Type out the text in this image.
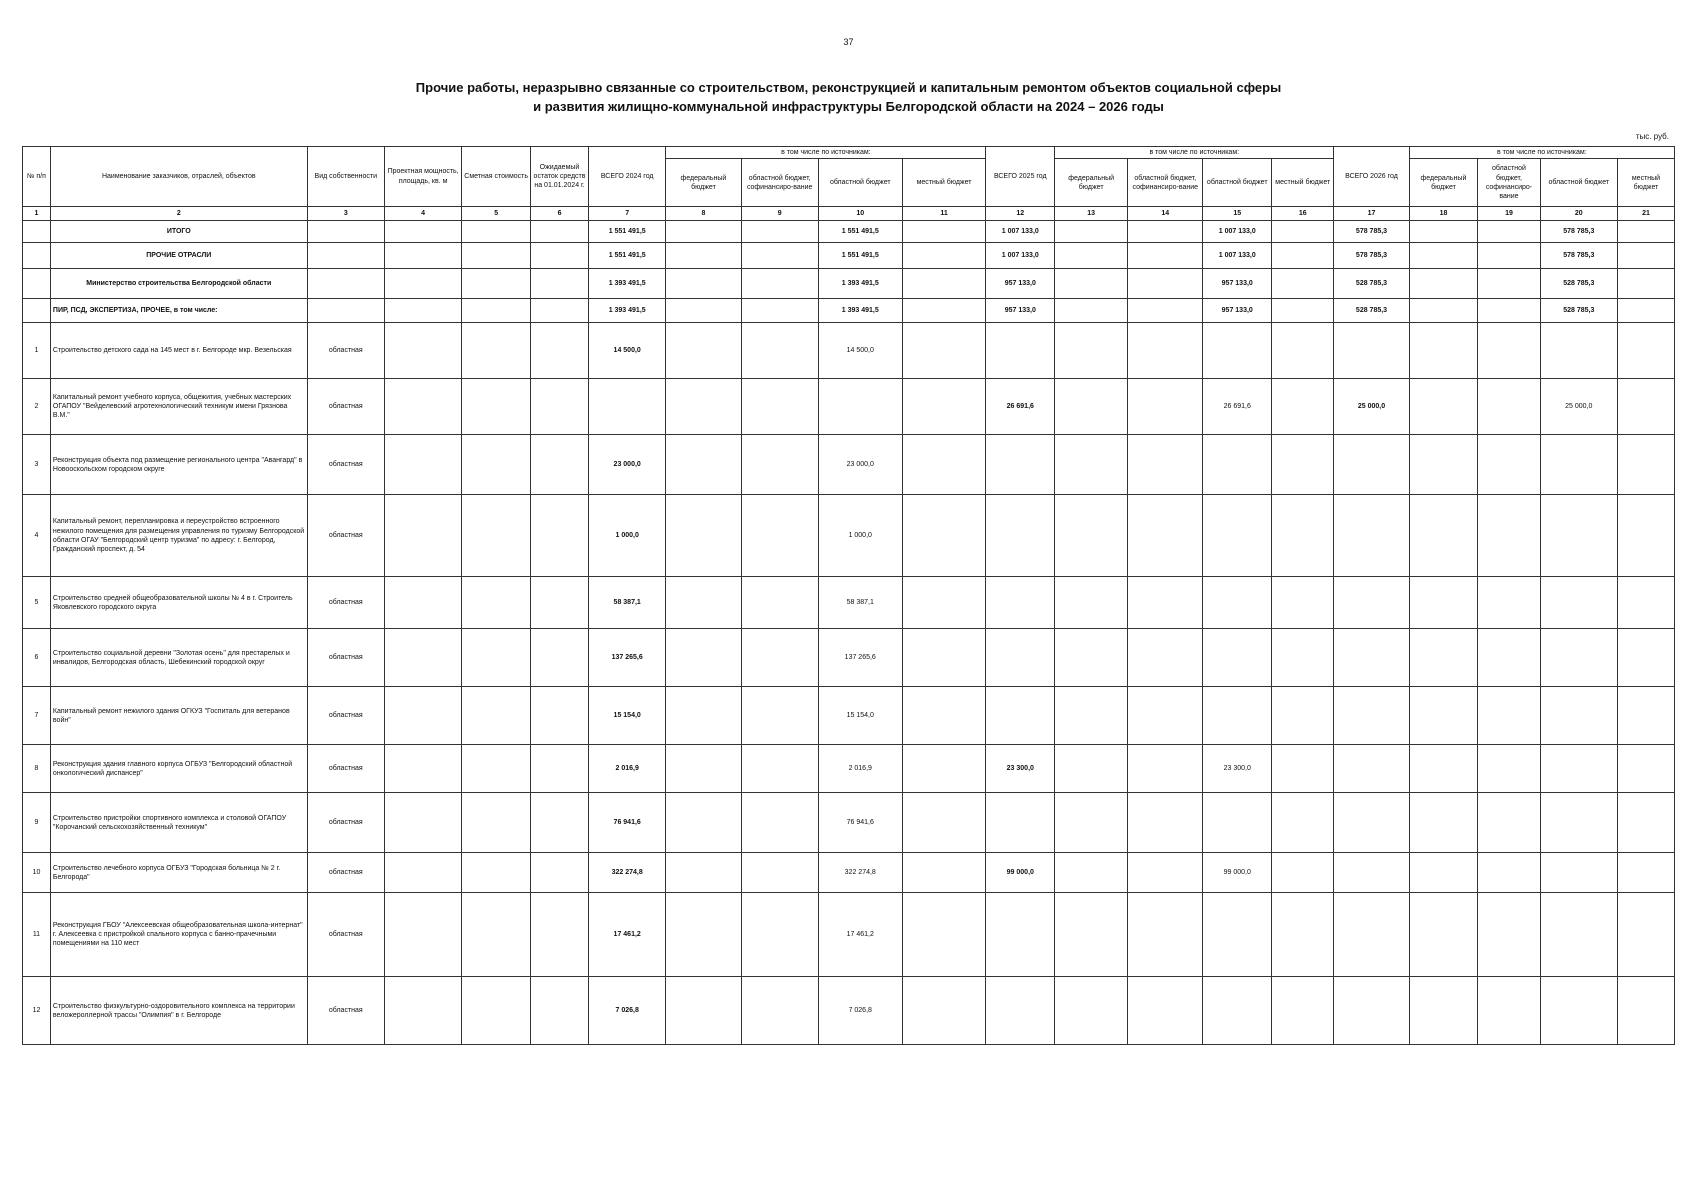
37
Прочие работы, неразрывно связанные со строительством, реконструкцией и капитальным ремонтом объектов социальной сферы
и развития жилищно-коммунальной инфраструктуры Белгородской области на 2024 – 2026 годы
тыс. руб.
№ п/п	Наименование заказчиков, отраслей, объектов	Вид собственности	Проектная мощность, площадь, кв. м	Сметная стоимость	Ожидаемый остаток средств на 01.01.2024 г.	ВСЕГО 2024 год	в том числе по источникам:				ВСЕГО 2025 год	в том числе по источникам:				ВСЕГО 2026 год	в том числе по источникам:			
							федеральный бюджет	областной бюджет, софинансиро-вание	областной бюджет	местный бюджет		федеральный бюджет	областной бюджет, софинансиро-вание	областной бюджет	местный бюджет		федеральный бюджет	областной бюджет, софинансиро-вание	областной бюджет	местный бюджет
1	2	3	4	5	6	7	8	9	10	11	12	13	14	15	16	17	18	19	20	21
	ИТОГО					1 551 491,5			1 551 491,5		1 007 133,0			1 007 133,0		578 785,3			578 785,3	
	ПРОЧИЕ ОТРАСЛИ					1 551 491,5			1 551 491,5		1 007 133,0			1 007 133,0		578 785,3			578 785,3	
	Министерство строительства Белгородской области					1 393 491,5			1 393 491,5		957 133,0			957 133,0		528 785,3			528 785,3	
	ПИР, ПСД, ЭКСПЕРТИЗА, ПРОЧЕЕ, в том числе:					1 393 491,5			1 393 491,5		957 133,0			957 133,0		528 785,3			528 785,3	
1	Строительство детского сада на 145 мест в г. Белгороде мкр. Везельская	областная				14 500,0			14 500,0											
2	Капитальный ремонт учебного корпуса, общежития, учебных мастерских ОГАПОУ "Вейделевский агротехнологический техникум имени Грязнова В.М."	областная									26 691,6			26 691,6		25 000,0			25 000,0	
3	Реконструкция объекта под размещение регионального центра "Авангард" в Новооскольском городском округе	областная				23 000,0			23 000,0											
4	Капитальный ремонт, перепланировка и переустройство встроенного нежилого помещения для размещения управления по туризму Белгородской области ОГАУ "Белгородский центр туризма" по адресу: г. Белгород, Гражданский проспект, д. 54	областная				1 000,0			1 000,0											
5	Строительство средней общеобразовательной школы № 4 в г. Строитель Яковлевского городского округа	областная				58 387,1			58 387,1											
6	Строительство социальной деревни "Золотая осень" для престарелых и инвалидов, Белгородская область, Шебекинский городской округ	областная				137 265,6			137 265,6											
7	Капитальный ремонт нежилого здания ОГКУЗ "Госпиталь для ветеранов войн"	областная				15 154,0			15 154,0											
8	Реконструкция здания главного корпуса ОГБУЗ "Белгородский областной онкологический диспансер"	областная				2 016,9			2 016,9		23 300,0			23 300,0						
9	Строительство пристройки спортивного комплекса и столовой ОГАПОУ "Корочанский сельскохозяйственный техникум"	областная				76 941,6			76 941,6											
10	Строительство лечебного корпуса ОГБУЗ "Городская больница № 2 г. Белгорода"	областная				322 274,8			322 274,8		99 000,0			99 000,0						
11	Реконструкция ГБОУ "Алексеевская общеобразовательная школа-интернат" г. Алексеевка с пристройкой спального корпуса с банно-прачечными помещениями на 110 мест	областная				17 461,2			17 461,2											
12	Строительство физкультурно-оздоровительного комплекса на территории веложероллерной трассы "Олимпия" в г. Белгороде	областная				7 026,8			7 026,8											
